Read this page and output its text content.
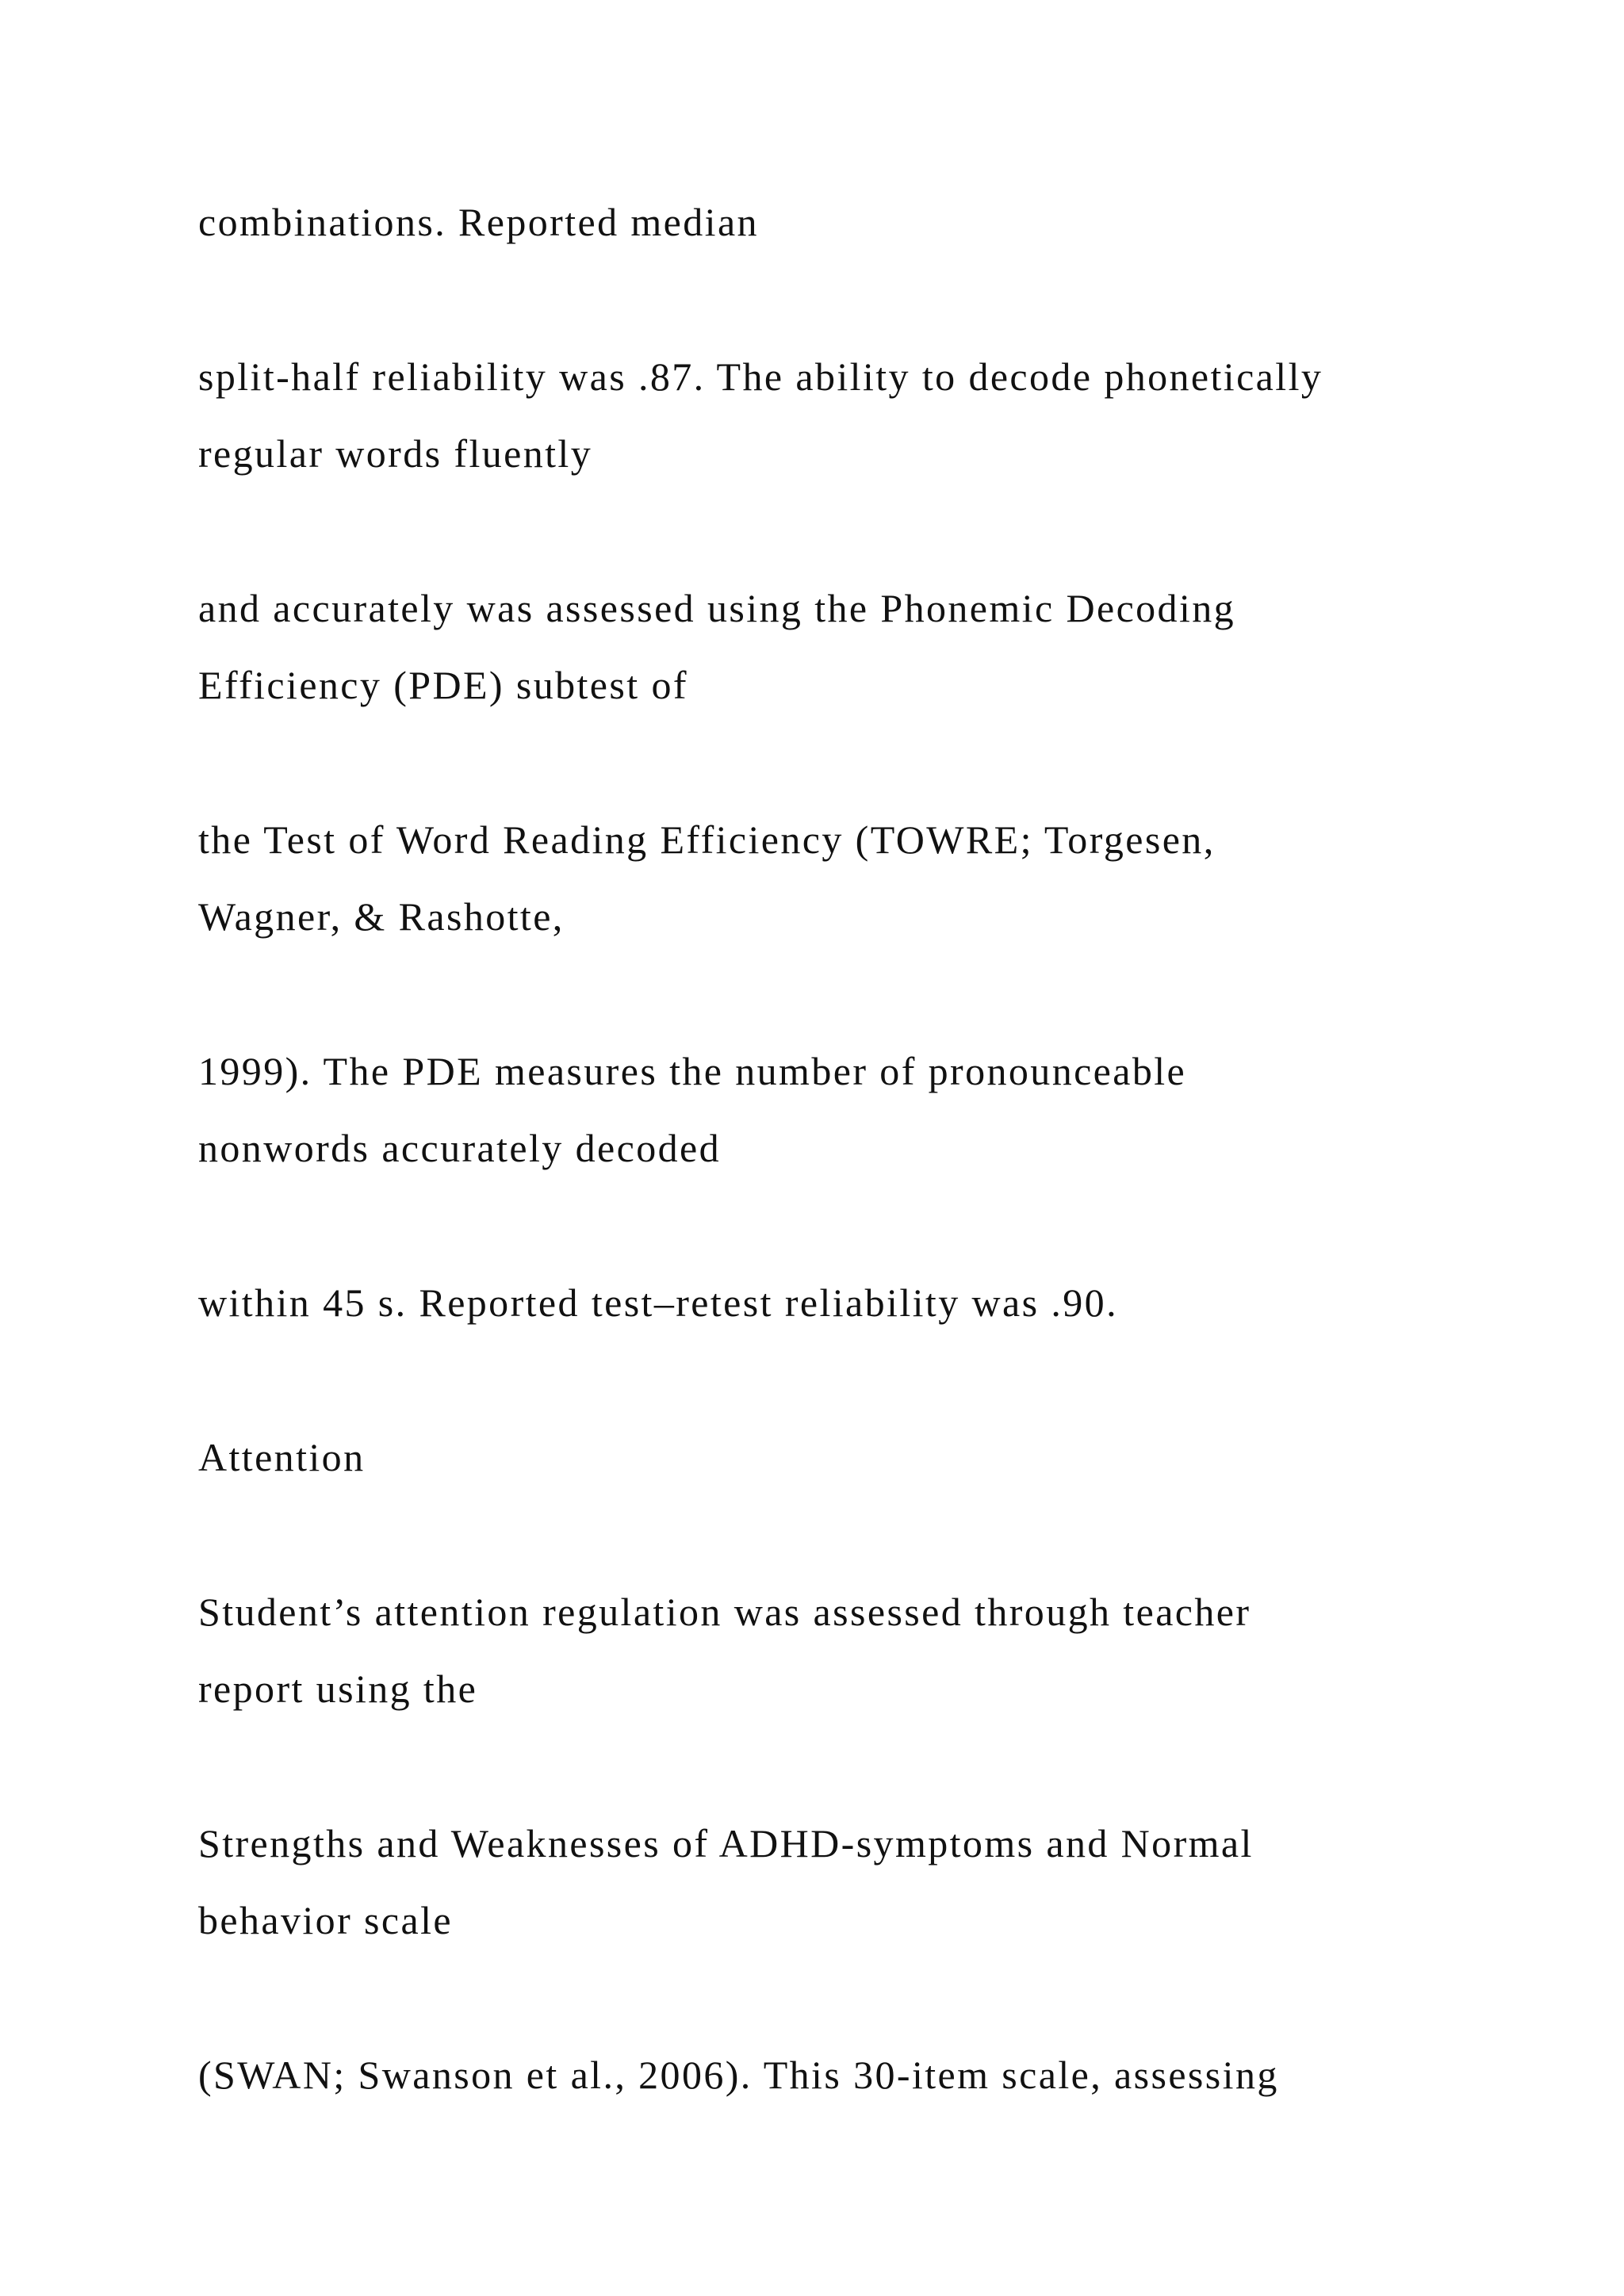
combinations. Reported median
split-half reliability was .87. The ability to decode phonetically
regular words fluently
and accurately was assessed using the Phonemic Decoding
Efficiency (PDE) subtest of
the Test of Word Reading Efficiency (TOWRE; Torgesen,
Wagner, & Rashotte,
1999). The PDE measures the number of pronounceable
nonwords accurately decoded
within 45 s. Reported test–retest reliability was .90.
Attention
Student’s attention regulation was assessed through teacher
report using the
Strengths and Weaknesses of ADHD-symptoms and Normal
behavior scale
(SWAN; Swanson et al., 2006). This 30-item scale, assessing
